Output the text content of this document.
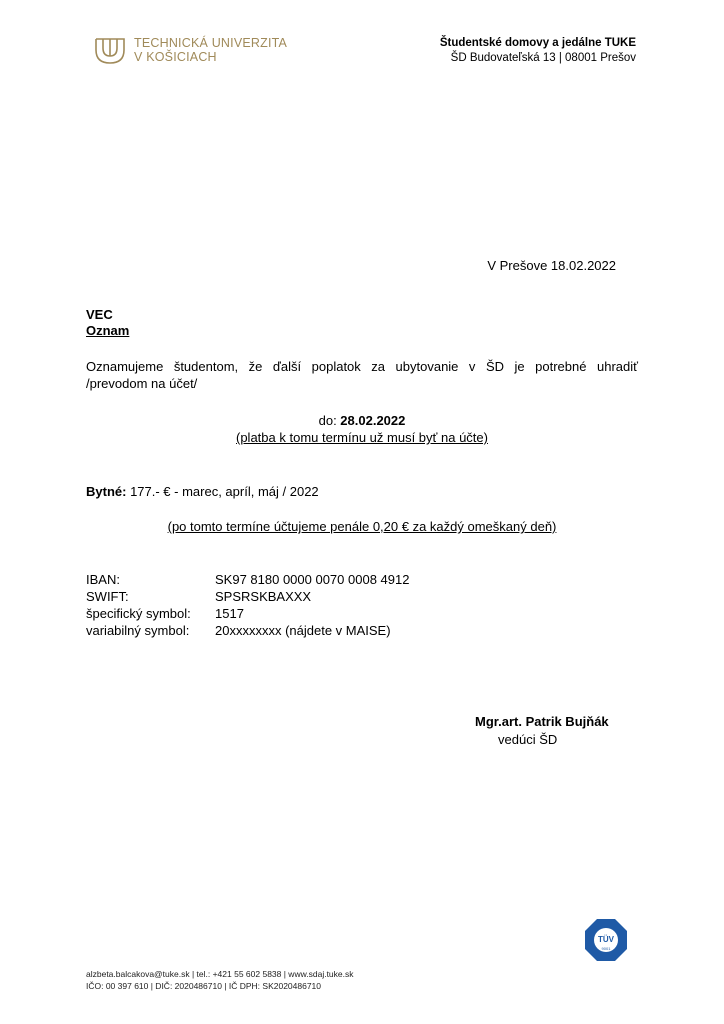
TECHNICKÁ UNIVERZITA
V KOŠICIACH
Študentské domovy a jedálne TUKE
ŠD Budovateľská 13 | 08001 Prešov
V Prešove 18.02.2022
VEC
Oznam
Oznamujeme študentom, že ďalší poplatok za ubytovanie v ŠD je potrebné uhradiť
/prevodom na účet/
do: 28.02.2022
(platba k tomu termínu už musí byť na účte)
Bytné: 177.- € - marec, apríl, máj / 2022
(po tomto termíne účtujeme penále 0,20 € za každý omeškaný deň)
IBAN:	SK97 8180 0000 0070 0008 4912
SWIFT:	SPSRSKBAXXX
špecifický symbol:	1517
variabilný symbol:	20xxxxxxxx (nájdete v MAISE)
Mgr.art. Patrik Bujňák
vedúci ŠD
TÜV
9001
alzbeta.balcakova@tuke.sk | tel.: +421 55 602 5838 | www.sdaj.tuke.sk
IČO: 00 397 610 | DIČ: 2020486710 | IČ DPH: SK2020486710
